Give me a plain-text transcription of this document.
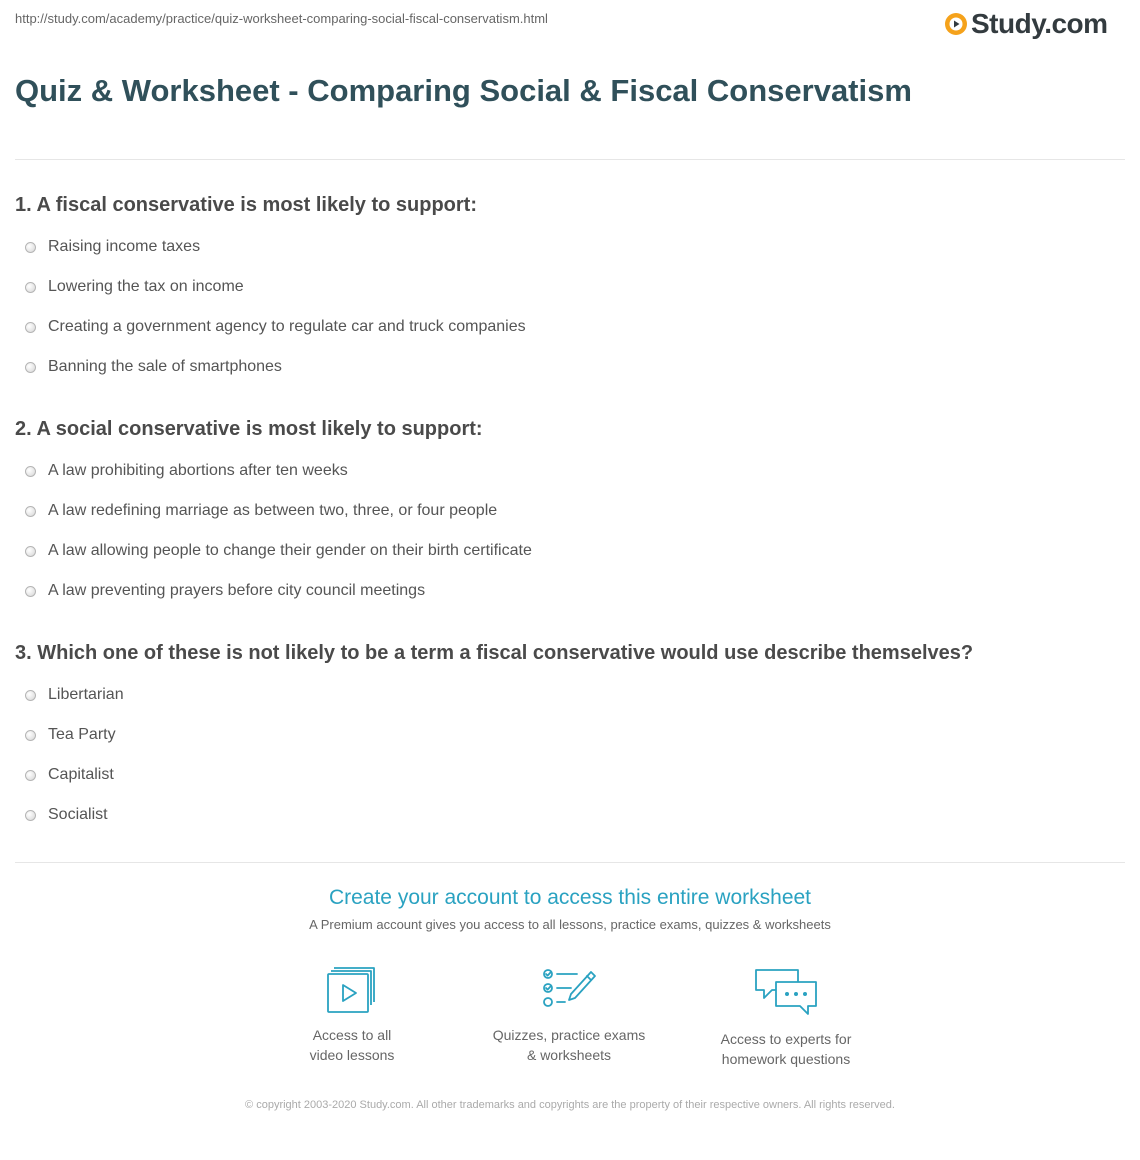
http://study.com/academy/practice/quiz-worksheet-comparing-social-fiscal-conservatism.html	Study.com
Quiz & Worksheet - Comparing Social & Fiscal Conservatism
1. A fiscal conservative is most likely to support:
Raising income taxes
Lowering the tax on income
Creating a government agency to regulate car and truck companies
Banning the sale of smartphones
2. A social conservative is most likely to support:
A law prohibiting abortions after ten weeks
A law redefining marriage as between two, three, or four people
A law allowing people to change their gender on their birth certificate
A law preventing prayers before city council meetings
3. Which one of these is not likely to be a term a fiscal conservative would use describe themselves?
Libertarian
Tea Party
Capitalist
Socialist
Create your account to access this entire worksheet
A Premium account gives you access to all lessons, practice exams, quizzes & worksheets
Access to all
video lessons
Quizzes, practice exams
& worksheets
Access to experts for
homework questions
© copyright 2003-2020 Study.com. All other trademarks and copyrights are the property of their respective owners. All rights reserved.
